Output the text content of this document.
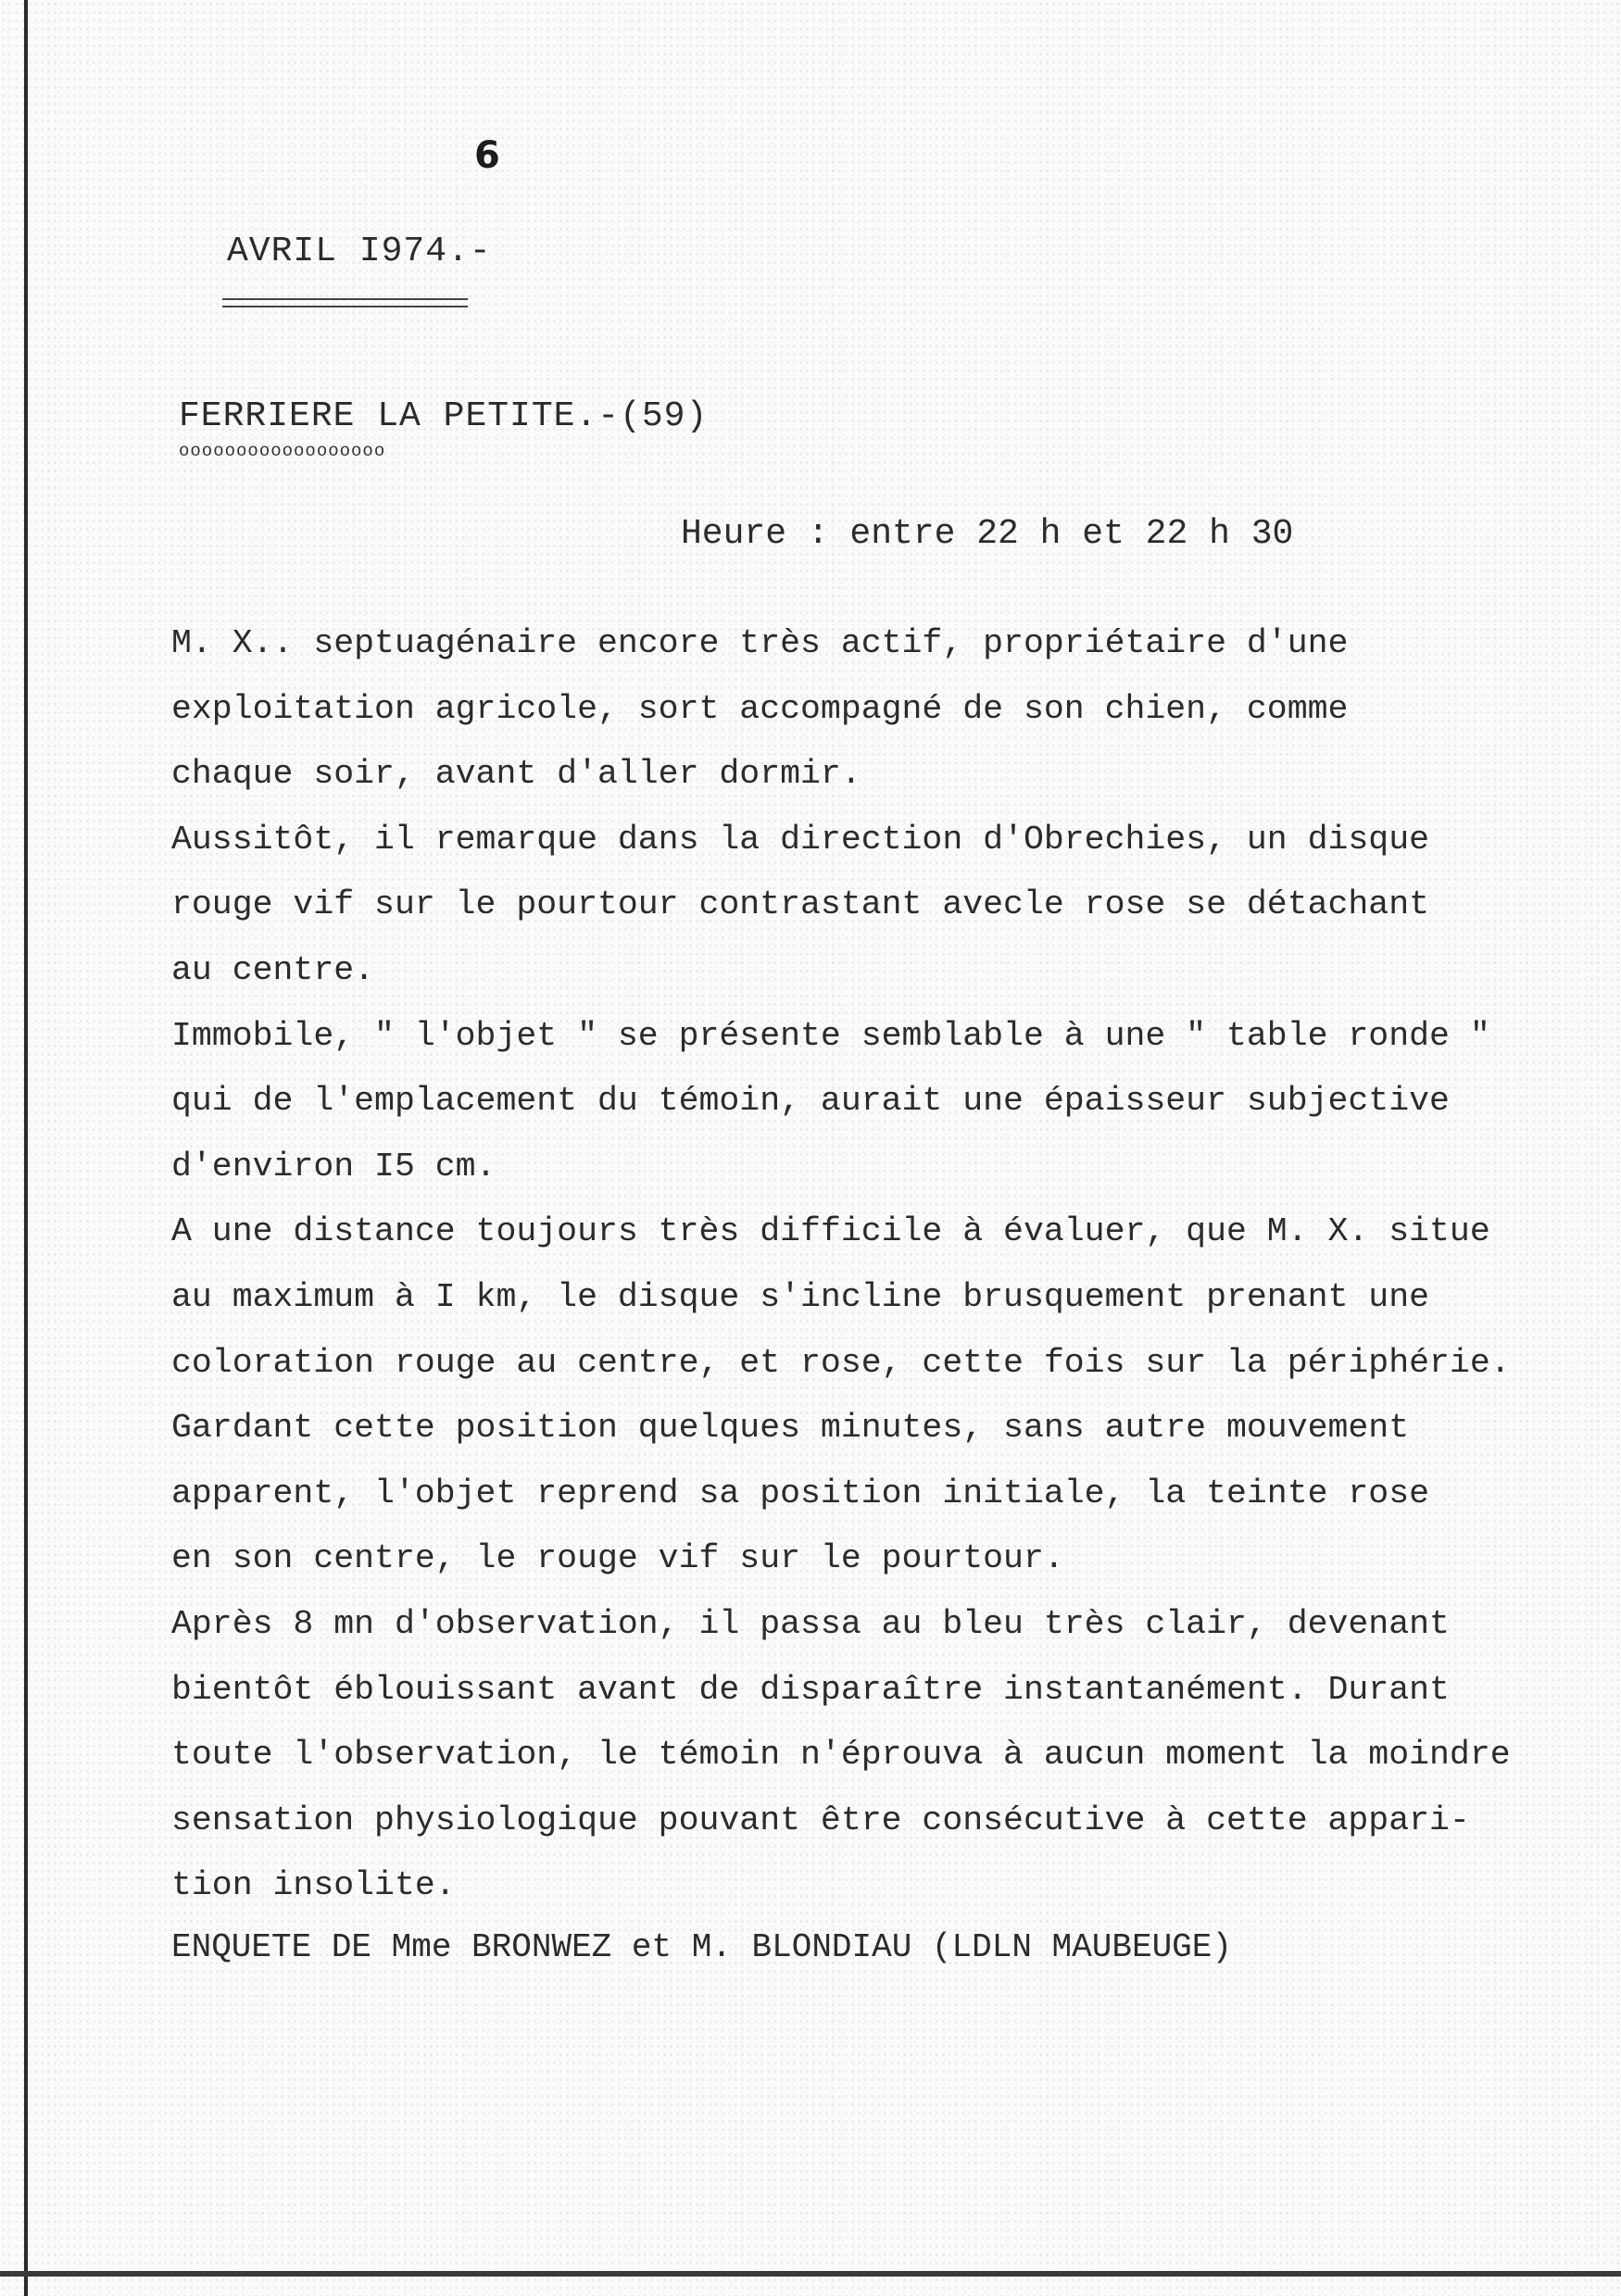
6
AVRIL I974.-
FERRIERE LA PETITE.-(59)
oooooooooooooooooo
Heure : entre 22 h et 22 h 30
M. X.. septuagénaire encore très actif, propriétaire d'une
exploitation agricole, sort accompagné de son chien, comme
chaque soir, avant d'aller dormir.
Aussitôt, il remarque dans la direction d'Obrechies, un disque
rouge vif sur le pourtour contrastant avecle rose se détachant
au centre.
Immobile, " l'objet " se présente semblable à une " table ronde "
qui de l'emplacement du témoin, aurait une épaisseur subjective
d'environ I5 cm.
A une distance toujours très difficile à évaluer, que M. X. situe
au maximum à I km, le disque s'incline brusquement prenant une
coloration rouge au centre, et rose, cette fois sur la périphérie.
Gardant cette position quelques minutes, sans autre mouvement
apparent, l'objet reprend sa position initiale, la teinte rose
en son centre, le rouge vif sur le pourtour.
Après 8 mn d'observation, il passa au bleu très clair, devenant
bientôt éblouissant avant de disparaître instantanément. Durant
toute l'observation, le témoin n'éprouva à aucun moment la moindre
sensation physiologique pouvant être consécutive à cette appari-
tion insolite.
ENQUETE DE Mme BRONWEZ et M. BLONDIAU (LDLN MAUBEUGE)
